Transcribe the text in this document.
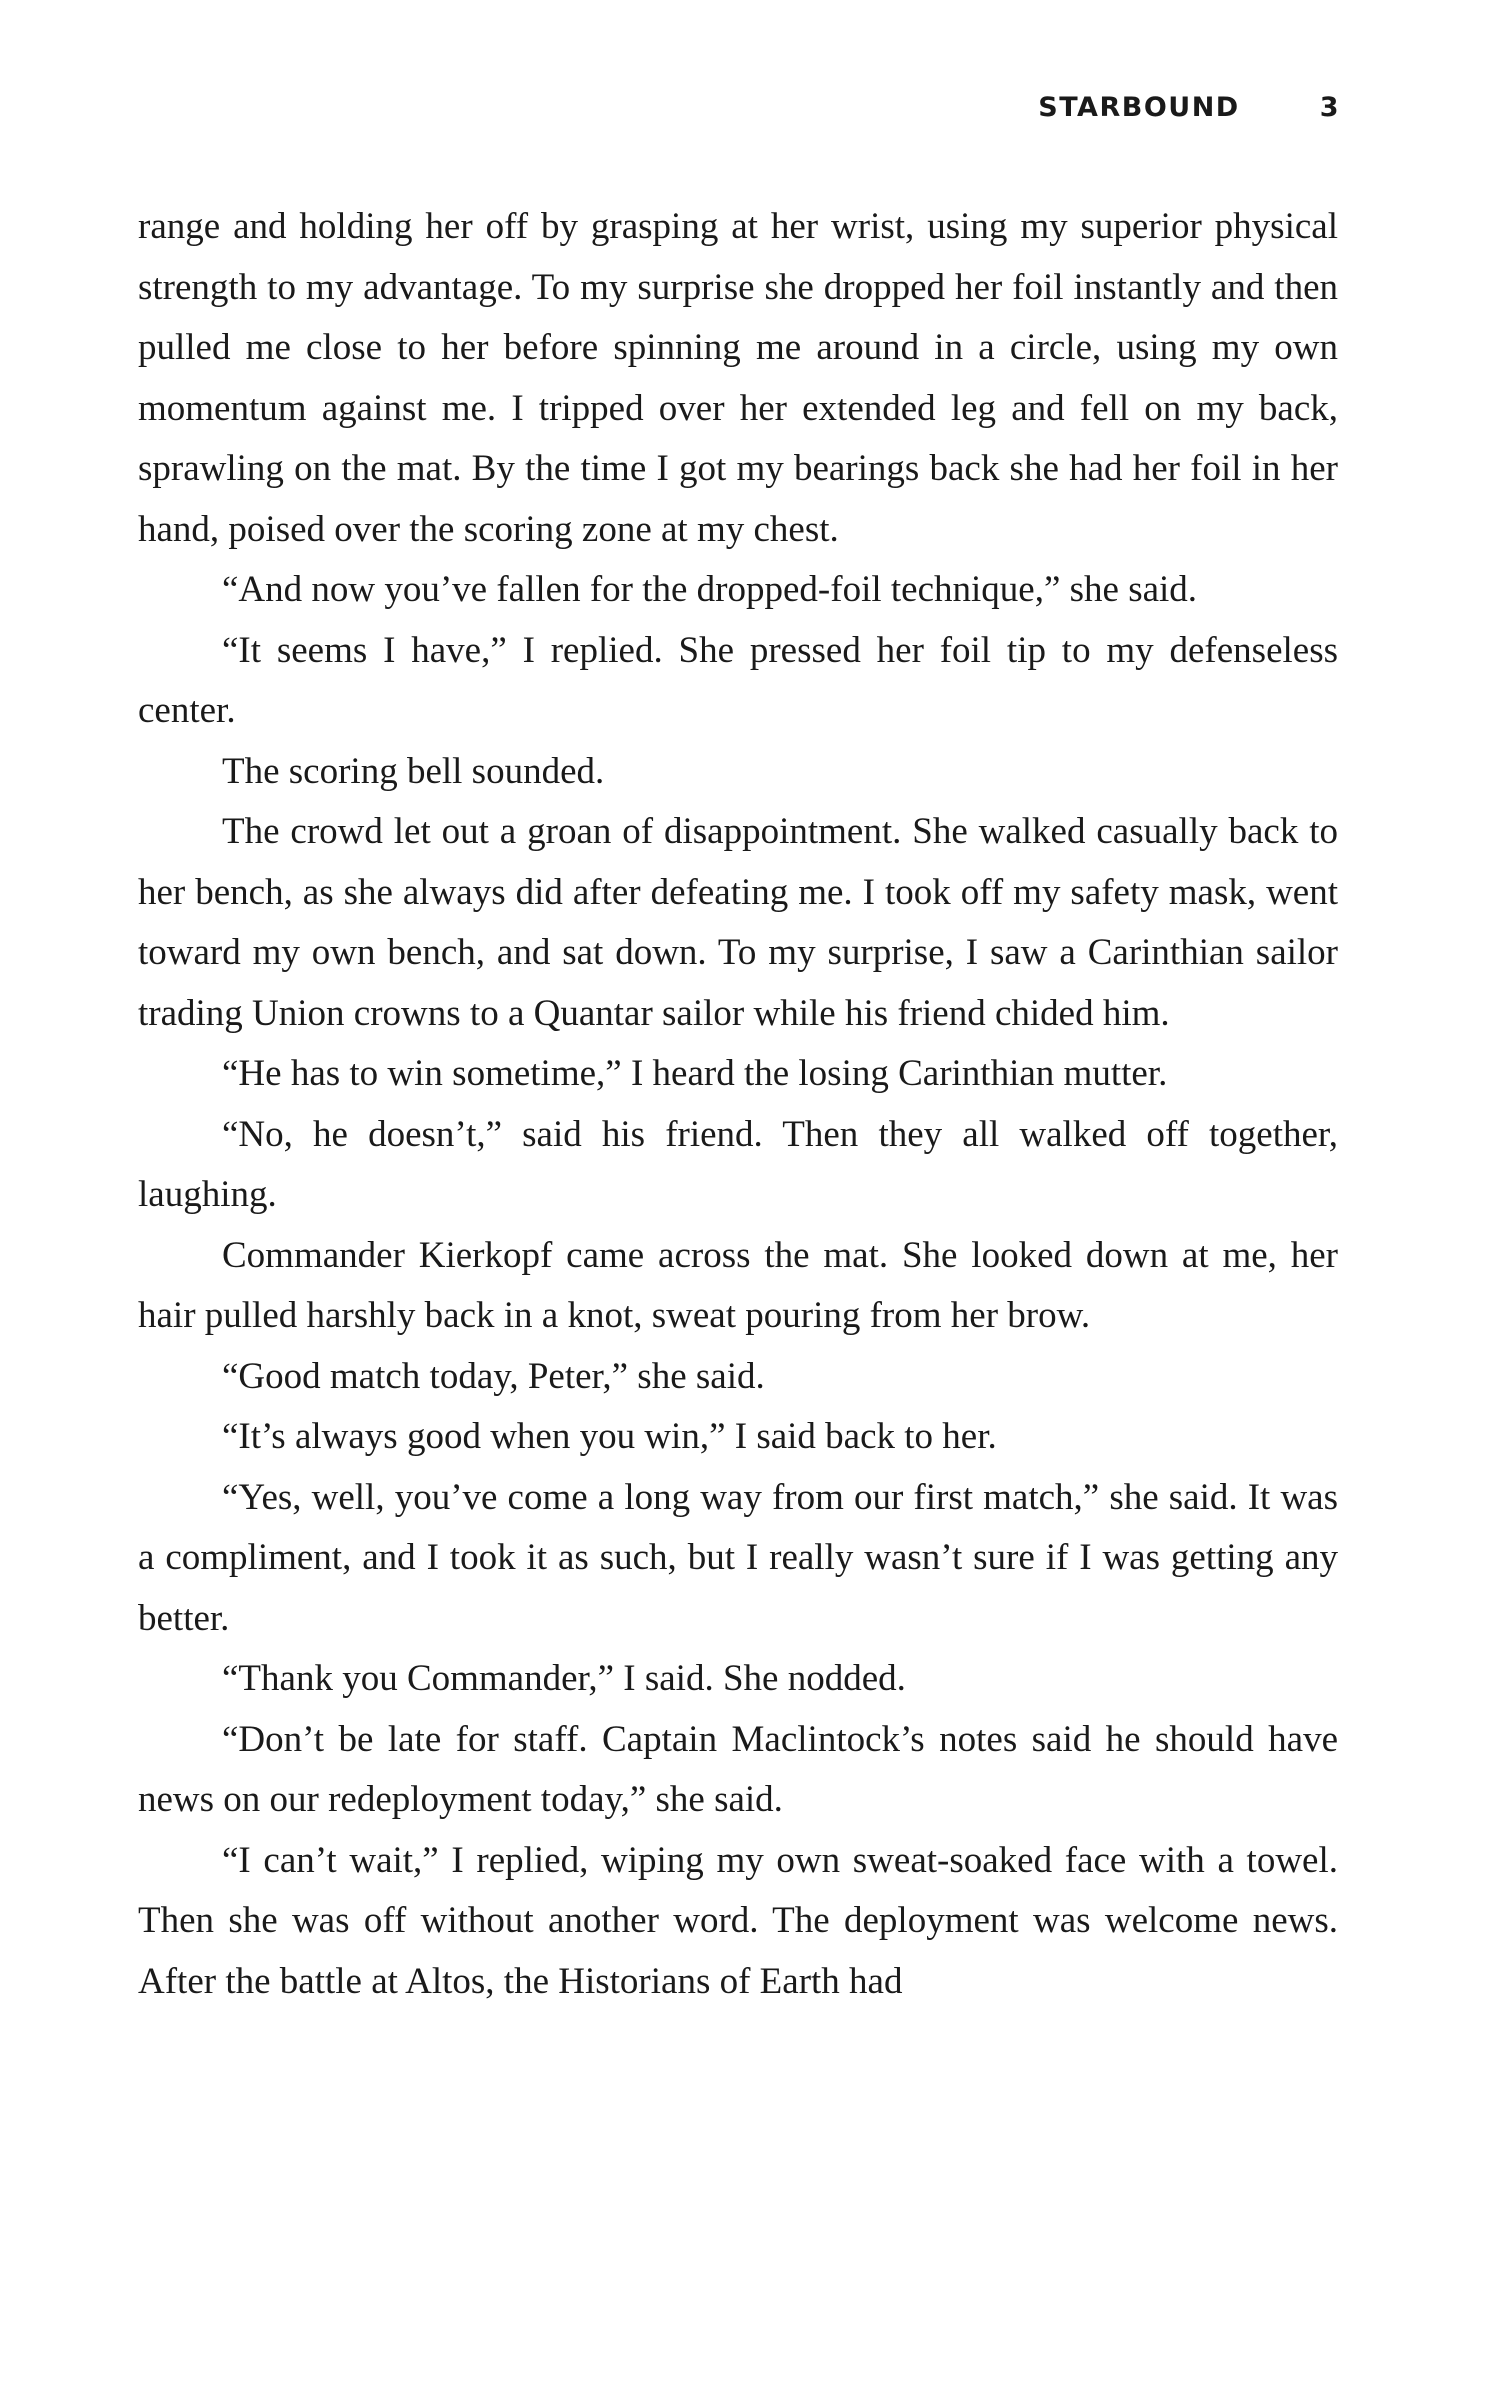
STARBOUND	3

range and holding her off by grasping at her wrist, using my superior physical strength to my advantage. To my surprise she dropped her foil instantly and then pulled me close to her before spinning me around in a circle, using my own momentum against me. I tripped over her extended leg and fell on my back, sprawling on the mat. By the time I got my bearings back she had her foil in her hand, poised over the scoring zone at my chest.

“And now you’ve fallen for the dropped-foil technique,” she said.

“It seems I have,” I replied. She pressed her foil tip to my defenseless center.

The scoring bell sounded.

The crowd let out a groan of disappointment. She walked casually back to her bench, as she always did after defeating me. I took off my safety mask, went toward my own bench, and sat down. To my surprise, I saw a Carinthian sailor trading Union crowns to a Quantar sailor while his friend chided him.

“He has to win sometime,” I heard the losing Carinthian mutter.

“No, he doesn’t,” said his friend. Then they all walked off together, laughing.

Commander Kierkopf came across the mat. She looked down at me, her hair pulled harshly back in a knot, sweat pouring from her brow.

“Good match today, Peter,” she said.

“It’s always good when you win,” I said back to her.

“Yes, well, you’ve come a long way from our first match,” she said. It was a compliment, and I took it as such, but I really wasn’t sure if I was getting any better.

“Thank you Commander,” I said. She nodded.

“Don’t be late for staff. Captain Maclintock’s notes said he should have news on our redeployment today,” she said.

“I can’t wait,” I replied, wiping my own sweat-soaked face with a towel. Then she was off without another word. The deployment was welcome news. After the battle at Altos, the Historians of Earth had
